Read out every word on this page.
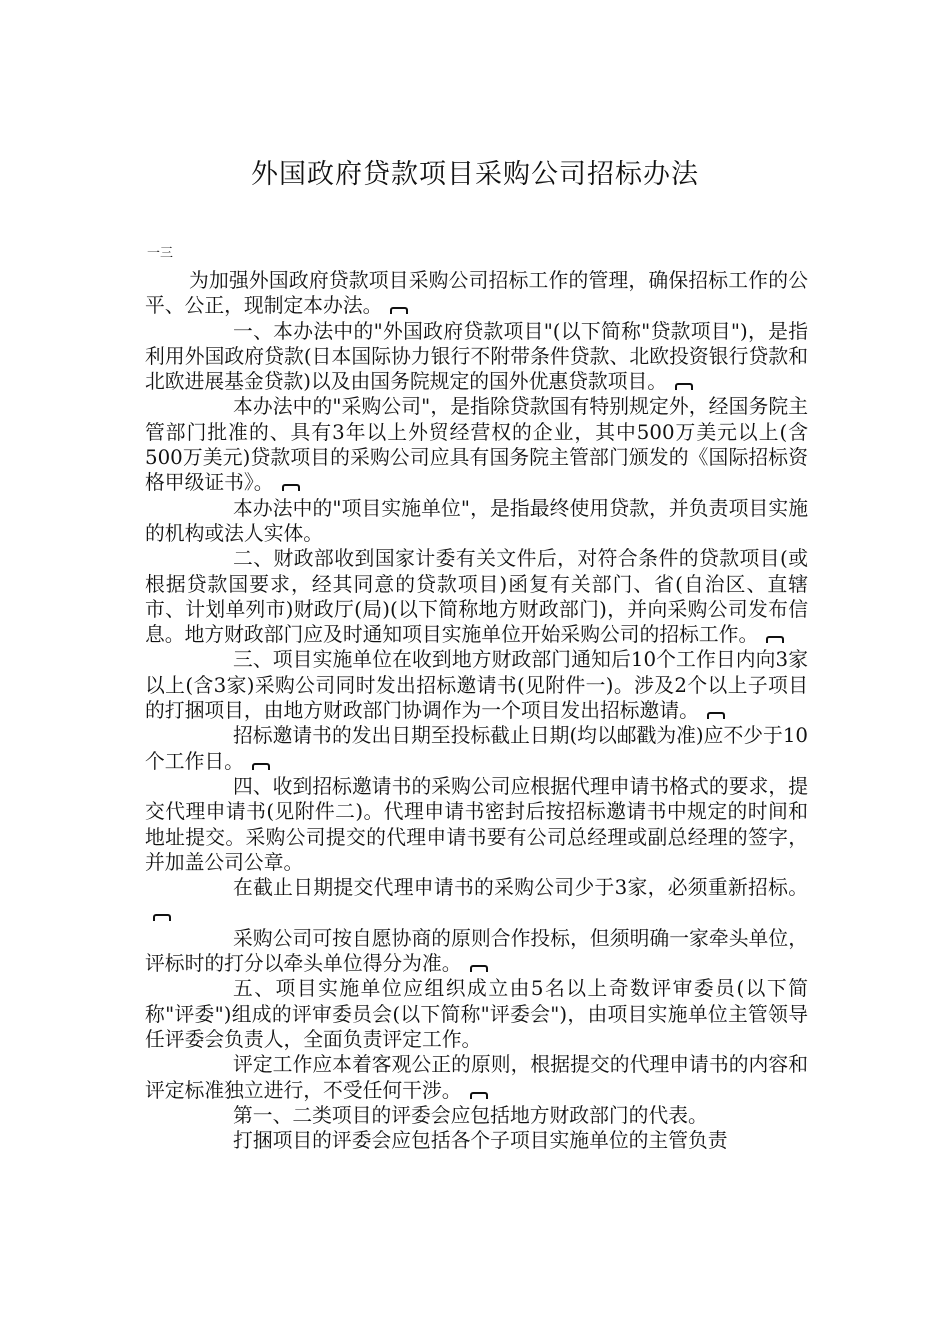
外国政府贷款项目采购公司招标办法
一三

为加强外国政府贷款项目采购公司招标工作的管理，确保招标工作的公平、公正，现制定本办法。

一、本办法中的"外国政府贷款项目"(以下简称"贷款项目")，是指利用外国政府贷款(日本国际协力银行不附带条件贷款、北欧投资银行贷款和北欧进展基金贷款)以及由国务院规定的国外优惠贷款项目。

本办法中的"采购公司"，是指除贷款国有特别规定外，经国务院主管部门批准的、具有3年以上外贸经营权的企业，其中500万美元以上(含500万美元)贷款项目的采购公司应具有国务院主管部门颁发的《国际招标资格甲级证书》。

本办法中的"项目实施单位"，是指最终使用贷款，并负责项目实施的机构或法人实体。

二、财政部收到国家计委有关文件后，对符合条件的贷款项目(或根据贷款国要求，经其同意的贷款项目)函复有关部门、省(自治区、直辖市、计划单列市)财政厅(局)(以下简称地方财政部门)，并向采购公司发布信息。地方财政部门应及时通知项目实施单位开始采购公司的招标工作。

三、项目实施单位在收到地方财政部门通知后10个工作日内向3家以上(含3家)采购公司同时发出招标邀请书(见附件一)。涉及2个以上子项目的打捆项目，由地方财政部门协调作为一个项目发出招标邀请。

招标邀请书的发出日期至投标截止日期(均以邮戳为准)应不少于10个工作日。

四、收到招标邀请书的采购公司应根据代理申请书格式的要求，提交代理申请书(见附件二)。代理申请书密封后按招标邀请书中规定的时间和地址提交。采购公司提交的代理申请书要有公司总经理或副总经理的签字，并加盖公司公章。

在截止日期提交代理申请书的采购公司少于3家，必须重新招标。

采购公司可按自愿协商的原则合作投标，但须明确一家牵头单位，评标时的打分以牵头单位得分为准。

五、项目实施单位应组织成立由5名以上奇数评审委员(以下简称"评委")组成的评审委员会(以下简称"评委会")，由项目实施单位主管领导任评委会负责人，全面负责评定工作。

评定工作应本着客观公正的原则，根据提交的代理申请书的内容和评定标准独立进行，不受任何干涉。

第一、二类项目的评委会应包括地方财政部门的代表。

打捆项目的评委会应包括各个子项目实施单位的主管负责
